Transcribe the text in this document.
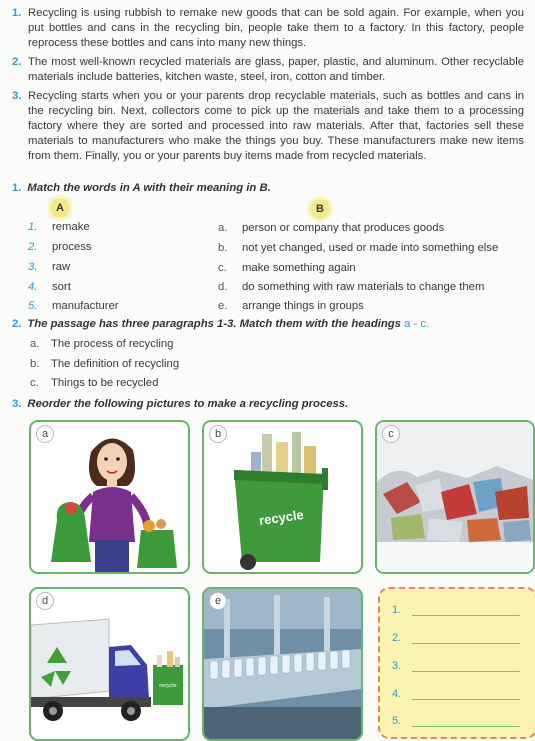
1. Recycling is using rubbish to remake new goods that can be sold again. For example, when you put bottles and cans in the recycling bin, people take them to a factory. In this factory, people reprocess these bottles and cans into many new things.
2. The most well-known recycled materials are glass, paper, plastic, and aluminum. Other recyclable materials include batteries, kitchen waste, steel, iron, cotton and timber.
3. Recycling starts when you or your parents drop recyclable materials, such as bottles and cans in the recycling bin. Next, collectors come to pick up the materials and take them to a processing factory where they are sorted and processed into raw materials. After that, factories sell these materials to manufacturers who make the things you buy. These manufacturers make new items from them. Finally, you or your parents buy items made from recycled materials.
1. Match the words in A with their meaning in B.
A	B
1. remake
2. process
3. raw
4. sort
5. manufacturer
a. person or company that produces goods
b. not yet changed, used or made into something else
c. make something again
d. do something with raw materials to change them
e. arrange things in groups
2. The passage has three paragraphs 1-3. Match them with the headings a - c.
a. The process of recycling
b. The definition of recycling
c. Things to be recycled
3. Reorder the following pictures to make a recycling process.
a	b
recycle
c
d
recycle
e
1.
2.
3.
4.
5.
